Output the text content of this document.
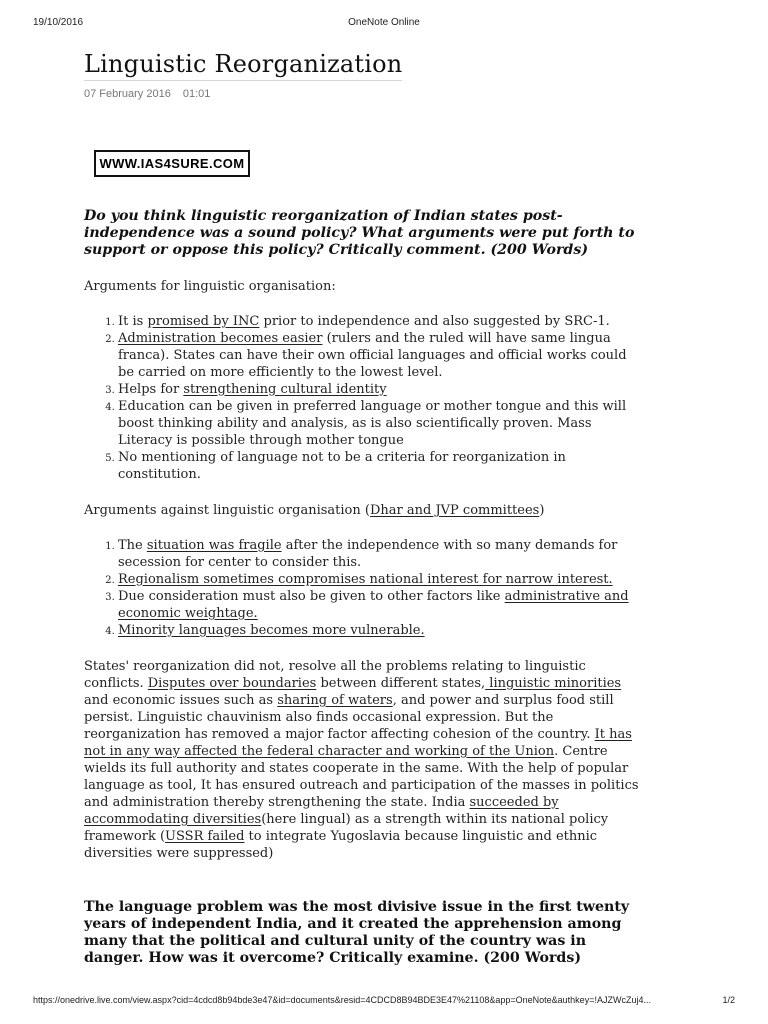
19/10/2016	OneNote Online
Linguistic Reorganization
07 February 2016 01:01
WWW.IAS4SURE.COM

Do you think linguistic reorganization of Indian states post-independence was a sound policy? What arguments were put forth to support or oppose this policy? Critically comment. (200 Words)

Arguments for linguistic organisation:

1. It is promised by INC prior to independence and also suggested by SRC-1.
2. Administration becomes easier (rulers and the ruled will have same lingua franca). States can have their own official languages and official works could be carried on more efficiently to the lowest level.
3. Helps for strengthening cultural identity
4. Education can be given in preferred language or mother tongue and this will boost thinking ability and analysis, as is also scientifically proven. Mass Literacy is possible through mother tongue
5. No mentioning of language not to be a criteria for reorganization in constitution.

Arguments against linguistic organisation (Dhar and JVP committees)

1. The situation was fragile after the independence with so many demands for secession for center to consider this.
2. Regionalism sometimes compromises national interest for narrow interest.
3. Due consideration must also be given to other factors like administrative and economic weightage.
4. Minority languages becomes more vulnerable.

States' reorganization did not, resolve all the problems relating to linguistic conflicts. Disputes over boundaries between different states, linguistic minorities and economic issues such as sharing of waters, and power and surplus food still persist. Linguistic chauvinism also finds occasional expression. But the reorganization has removed a major factor affecting cohesion of the country. It has not in any way affected the federal character and working of the Union. Centre wields its full authority and states cooperate in the same. With the help of popular language as tool, It has ensured outreach and participation of the masses in politics and administration thereby strengthening the state. India succeeded by accommodating diversities(here lingual) as a strength within its national policy framework (USSR failed to integrate Yugoslavia because linguistic and ethnic diversities were suppressed)

The language problem was the most divisive issue in the first twenty years of independent India, and it created the apprehension among many that the political and cultural unity of the country was in danger. How was it overcome? Critically examine. (200 Words)

https://onedrive.live.com/view.aspx?cid=4cdcd8b94bde3e47&id=documents&resid=4CDCD8B94BDE3E47%21108&app=OneNote&authkey=!AJZWcZuj4...	1/2
